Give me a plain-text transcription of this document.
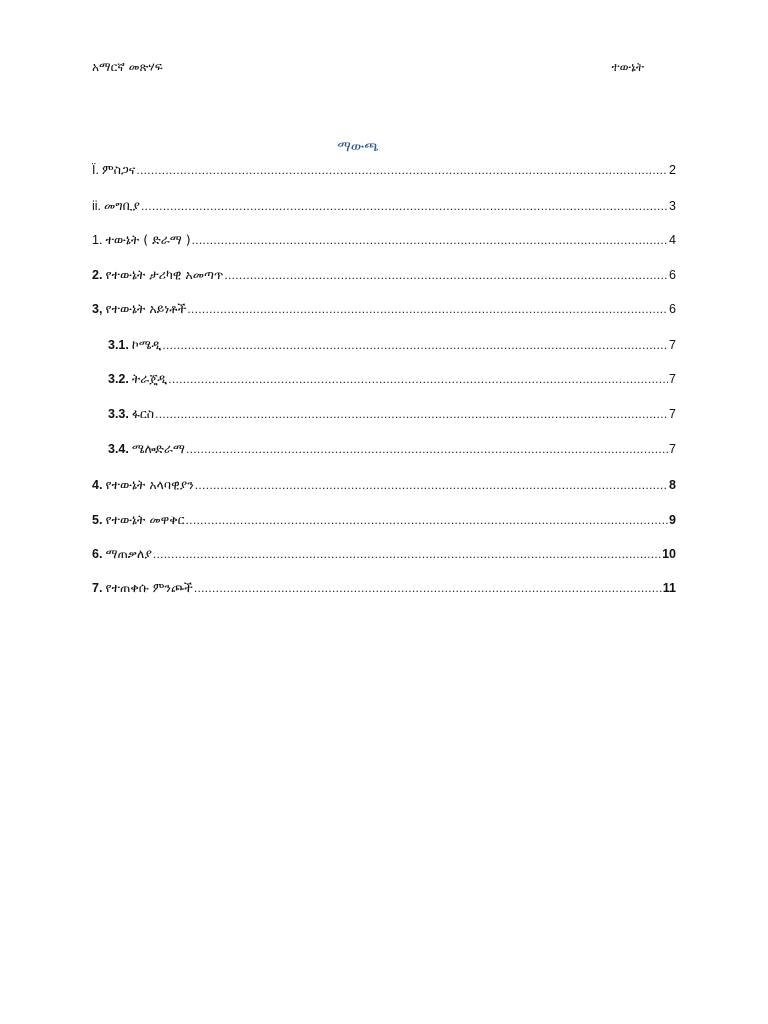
አማርኛ መጽሃፍ	ተውኔት
ማውጫ
Ï. ምስጋና .....	2
ii. መግቢያ .....	3
1. ተውኔት ( ድራማ ) .....	4
2. የተውኔት ታሪካዊ አመጣጥ .....	6
3, የተውኔት አይነቶች .....	6
3.1. ኮሜዲ .....	7
3.2. ትራጄዲ .....	7
3.3. ፋርስ .....	7
3.4. ሜሎድራማ .....	7
4. የተውኔት አላባዊያን .....	8
5. የተውኔት መዋቅር .....	9
6. ማጠቃለያ .....	10
7. የተጠቀሱ ምንጮች .....	11
